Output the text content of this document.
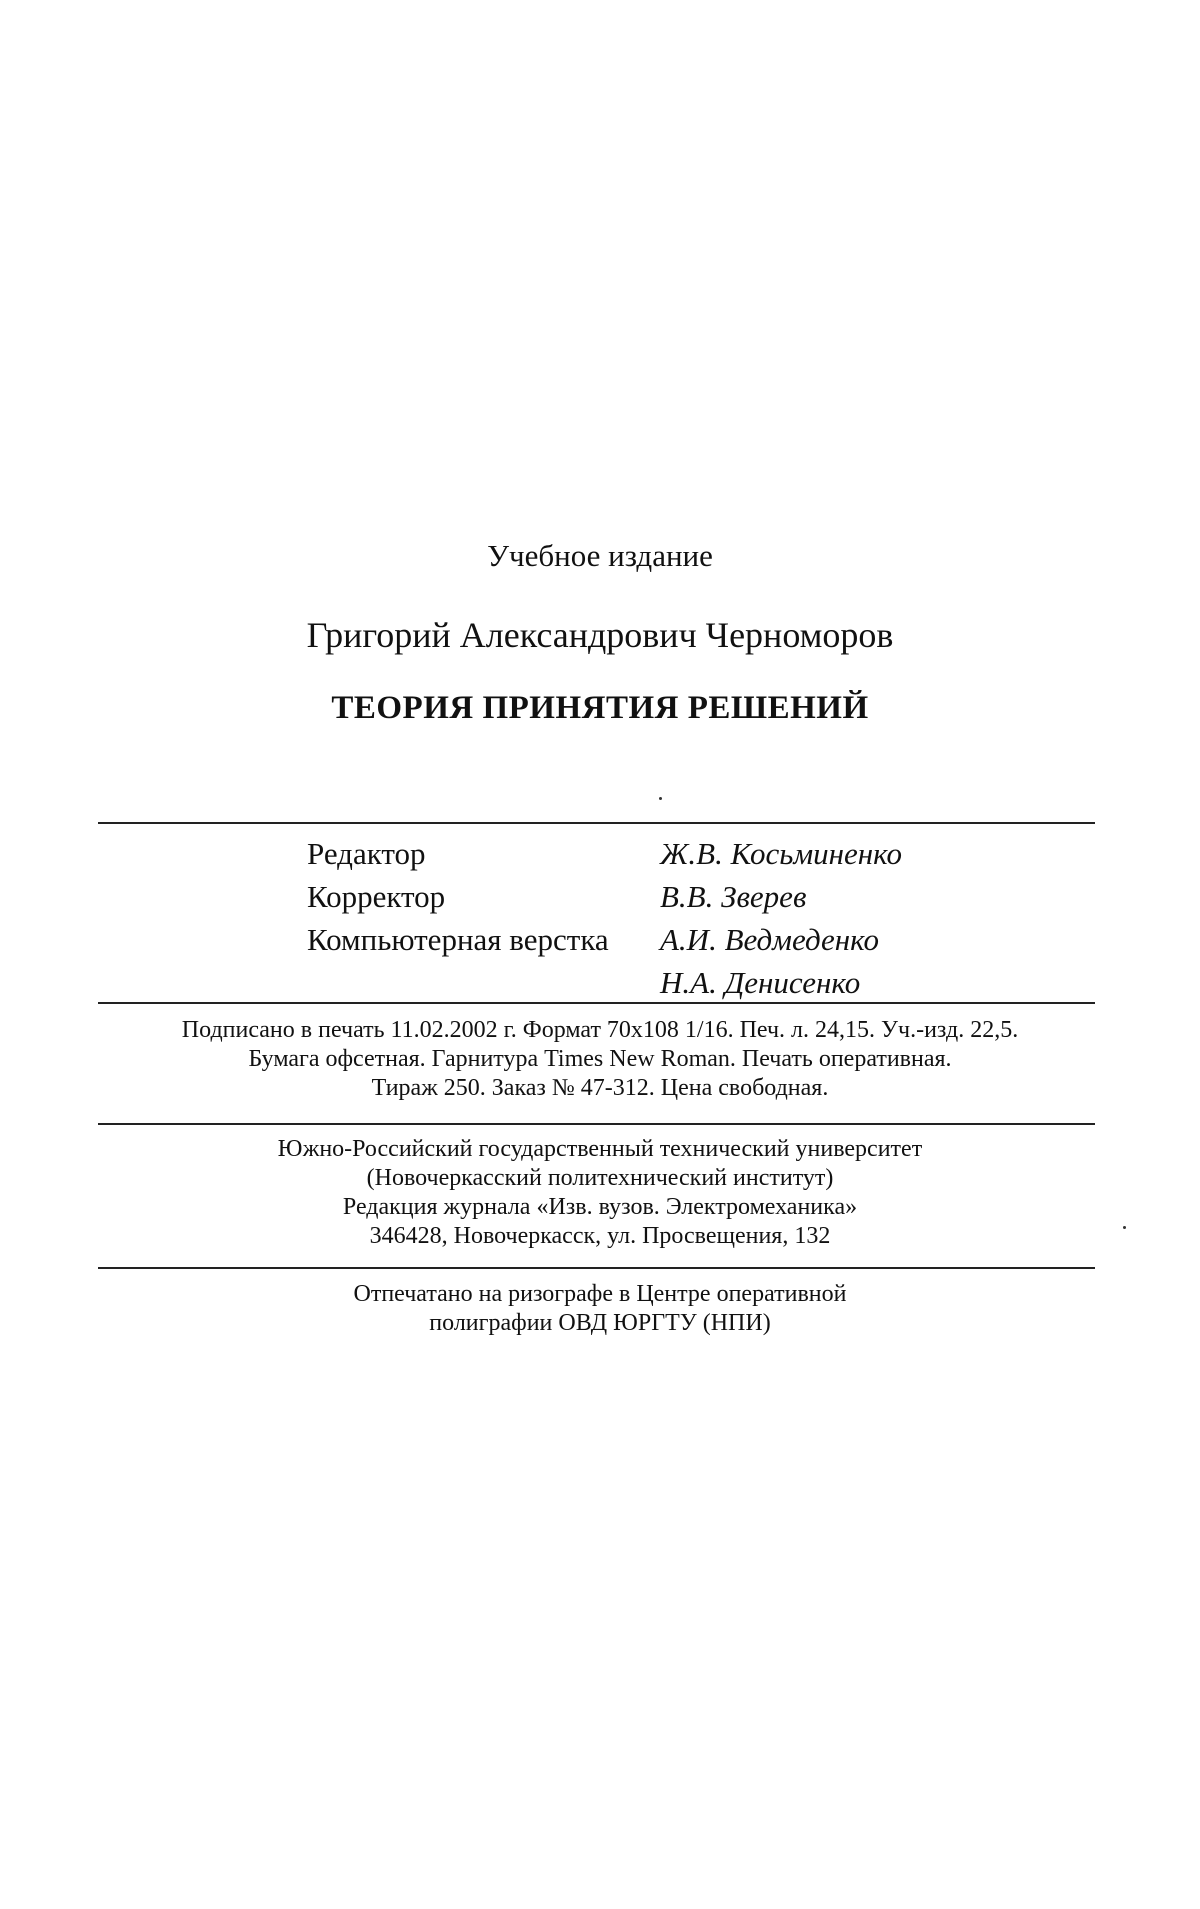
Учебное издание
Григорий Александрович Черноморов
ТЕОРИЯ ПРИНЯТИЯ РЕШЕНИЙ
Редактор	Ж.В. Косьминенко
Корректор	В.В. Зверев
Компьютерная верстка А.И. Ведмеденко
Н.А. Денисенко
Подписано в печать 11.02.2002 г. Формат 70x108 1/16. Печ. л. 24,15. Уч.-изд. 22,5.
Бумага офсетная. Гарнитура Times New Roman. Печать оперативная.
Тираж 250. Заказ № 47-312. Цена свободная.
Южно-Российский государственный технический университет
(Новочеркасский политехнический институт)
Редакция журнала «Изв. вузов. Электромеханика»
346428, Новочеркасск, ул. Просвещения, 132
Отпечатано на ризографе в Центре оперативной
полиграфии ОВД ЮРГТУ (НПИ)
